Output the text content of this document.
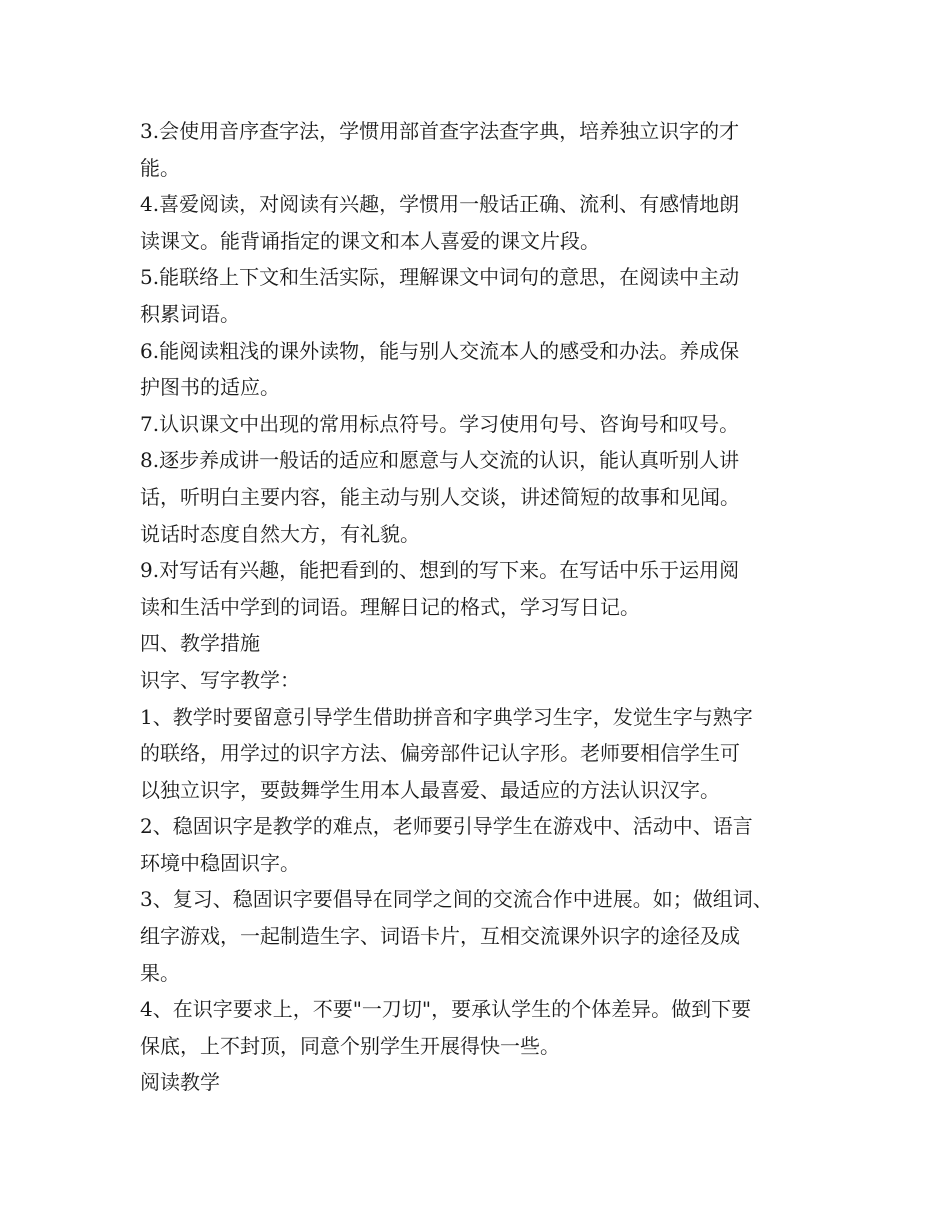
3.会使用音序查字法，学惯用部首查字法查字典，培养独立识字的才
能。
4.喜爱阅读，对阅读有兴趣，学惯用一般话正确、流利、有感情地朗
读课文。能背诵指定的课文和本人喜爱的课文片段。
5.能联络上下文和生活实际，理解课文中词句的意思，在阅读中主动
积累词语。
6.能阅读粗浅的课外读物，能与别人交流本人的感受和办法。养成保
护图书的适应。
7.认识课文中出现的常用标点符号。学习使用句号、咨询号和叹号。
8.逐步养成讲一般话的适应和愿意与人交流的认识，能认真听别人讲
话，听明白主要内容，能主动与别人交谈，讲述简短的故事和见闻。
说话时态度自然大方，有礼貌。
9.对写话有兴趣，能把看到的、想到的写下来。在写话中乐于运用阅
读和生活中学到的词语。理解日记的格式，学习写日记。
四、教学措施
识字、写字教学：
1、教学时要留意引导学生借助拼音和字典学习生字，发觉生字与熟字
的联络，用学过的识字方法、偏旁部件记认字形。老师要相信学生可
以独立识字，要鼓舞学生用本人最喜爱、最适应的方法认识汉字。
2、稳固识字是教学的难点，老师要引导学生在游戏中、活动中、语言
环境中稳固识字。
3、复习、稳固识字要倡导在同学之间的交流合作中进展。如；做组词、
组字游戏，一起制造生字、词语卡片，互相交流课外识字的途径及成
果。
4、在识字要求上，不要"一刀切"，要承认学生的个体差异。做到下要
保底，上不封顶，同意个别学生开展得快一些。
阅读教学
